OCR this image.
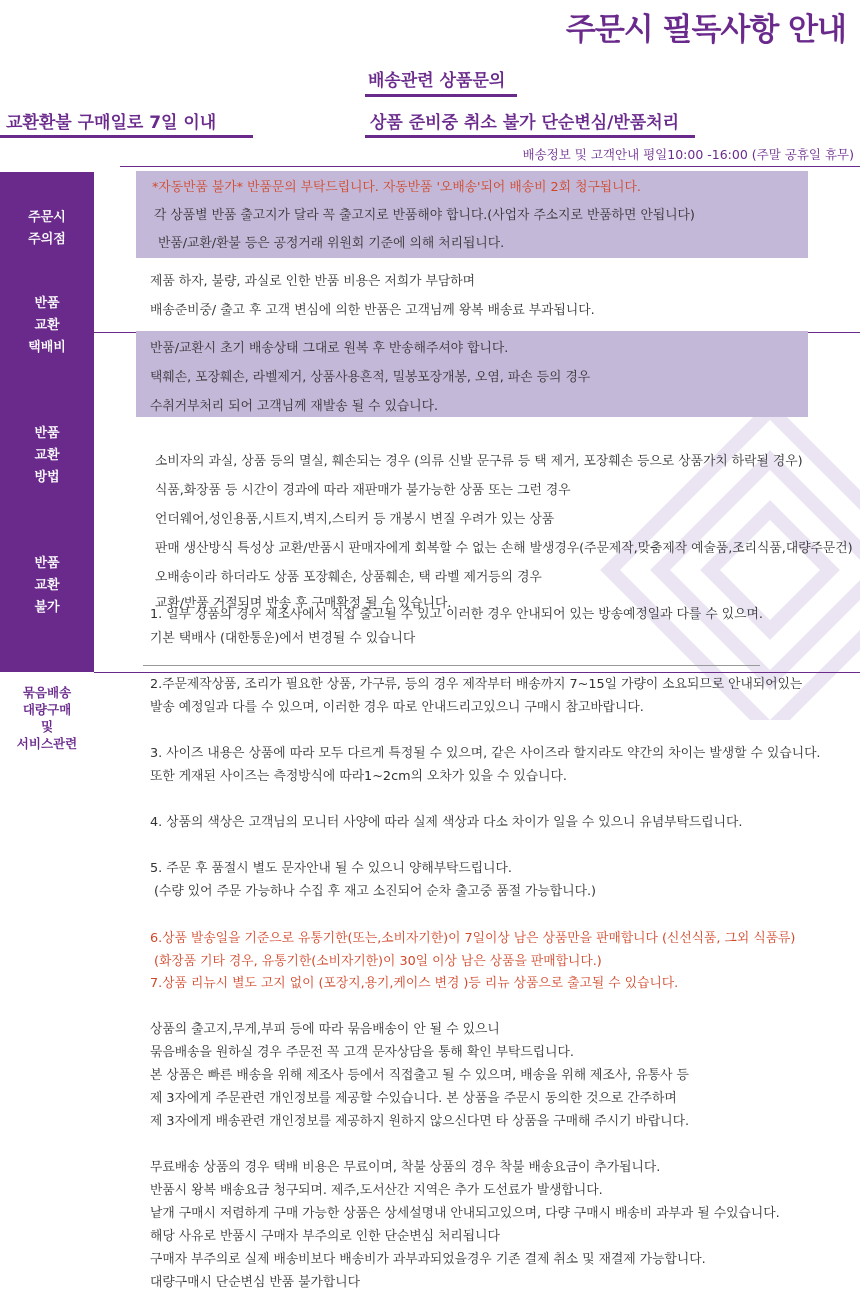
주문시 필독사항 안내
배송관련 상품문의
교환환불 구매일로 7일 이내	상품 준비중 취소 불가 단순변심/반품처리
배송정보 및 고객안내 평일10:00 -16:00 (주말 공휴일 휴무)
주문시
주의점
반품
교환
택배비
반품
교환
방법
반품
교환
불가
묶음배송
대량구매
및
서비스관련
*자동반품 불가* 반품문의 부탁드립니다. 자동반품 '오배송'되어 배송비 2회 청구됩니다.
각 상품별 반품 출고지가 달라 꼭 출고지로 반품해야 합니다.(사업자 주소지로 반품하면 안됩니다)
반품/교환/환불 등은 공정거래 위원회 기준에 의해 처리됩니다.
제품 하자, 불량, 과실로 인한 반품 비용은 저희가 부담하며
배송준비중/ 출고 후 고객 변심에 의한 반품은 고객님께 왕복 배송료 부과됩니다.
반품/교환시 초기 배송상태 그대로 원복 후 반송해주셔야 합니다.
택훼손, 포장훼손, 라벨제거, 상품사용흔적, 밀봉포장개봉, 오염, 파손 등의 경우
수취거부처리 되어 고객님께 재발송 될 수 있습니다.
소비자의 과실, 상품 등의 멸실, 훼손되는 경우 (의류 신발 문구류 등 택 제거, 포장훼손 등으로 상품가치 하락될 경우)
식품,화장품 등 시간이 경과에 따라 재판매가 불가능한 상품 또는 그런 경우
언더웨어,성인용품,시트지,벽지,스티커 등 개봉시 변질 우려가 있는 상품
판매 생산방식 특성상 교환/반품시 판매자에게 회복할 수 없는 손해 발생경우(주문제작,맞춤제작 예술품,조리식품,대량주문건)
오배송이라 하더라도 상품 포장훼손, 상품훼손, 택 라벨 제거등의 경우
교환/반품 거절되며 반송 후 구매확정 될 수 있습니다.
1. 일부 상품의 경우 제조사에서 직접 출고될 수 있고 이러한 경우 안내되어 있는 방송예정일과 다를 수 있으며.
기본 택배사 (대한통운)에서 변경될 수 있습니다
2.주문제작상품, 조리가 필요한 상품, 가구류, 등의 경우 제작부터 배송까지 7~15일 가량이 소요되므로 안내되어있는
발송 예정일과 다를 수 있으며, 이러한 경우 따로 안내드리고있으니 구매시 참고바랍니다.
3. 사이즈 내용은 상품에 따라 모두 다르게 특정될 수 있으며, 같은 사이즈라 할지라도 약간의 차이는 발생할 수 있습니다.
또한 게재된 사이즈는 측정방식에 따라1~2cm의 오차가 있을 수 있습니다.
4. 상품의 색상은 고객님의 모니터 사양에 따라 실제 색상과 다소 차이가 일을 수 있으니 유념부탁드립니다.
5. 주문 후 품절시 별도 문자안내 될 수 있으니 양해부탁드립니다.
(수량 있어 주문 가능하나 수집 후 재고 소진되어 순차 출고중 품절 가능합니다.)
6.상품 발송일을 기준으로 유통기한(또는,소비자기한)이 7일이상 남은 상품만을 판매합니다 (신선식품, 그외 식품류)
(화장품 기타 경우, 유통기한(소비자기한)이 30일 이상 남은 상품을 판매합니다.)
7.상품 리뉴시 별도 고지 없이 (포장지,용기,케이스 변경 )등 리뉴 상품으로 출고될 수 있습니다.
상품의 출고지,무게,부피 등에 따라 묶음배송이 안 될 수 있으니
묶음배송을 원하실 경우 주문전 꼭 고객 문자상담을 통해 확인 부탁드립니다.
본 상품은 빠른 배송을 위해 제조사 등에서 직접출고 될 수 있으며, 배송을 위해 제조사, 유통사 등
제 3자에게 주문관련 개인정보를 제공할 수있습니다. 본 상품을 주문시 동의한 것으로 간주하며
제 3자에게 배송관련 개인정보를 제공하지 원하지 않으신다면 타 상품을 구매해 주시기 바랍니다.
무료배송 상품의 경우 택배 비용은 무료이며, 착불 상품의 경우 착불 배송요금이 추가됩니다.
반품시 왕복 배송요금 청구되며. 제주,도서산간 지역은 추가 도선료가 발생합니다.
낱개 구매시 저렴하게 구매 가능한 상품은 상세설명내 안내되고있으며, 다량 구매시 배송비 과부과 될 수있습니다.
해당 사유로 반품시 구매자 부주의로 인한 단순변심 처리됩니다
구매자 부주의로 실제 배송비보다 배송비가 과부과되었을경우 기존 결제 취소 및 재결제 가능합니다.
대량구매시 단순변심 반품 불가합니다
